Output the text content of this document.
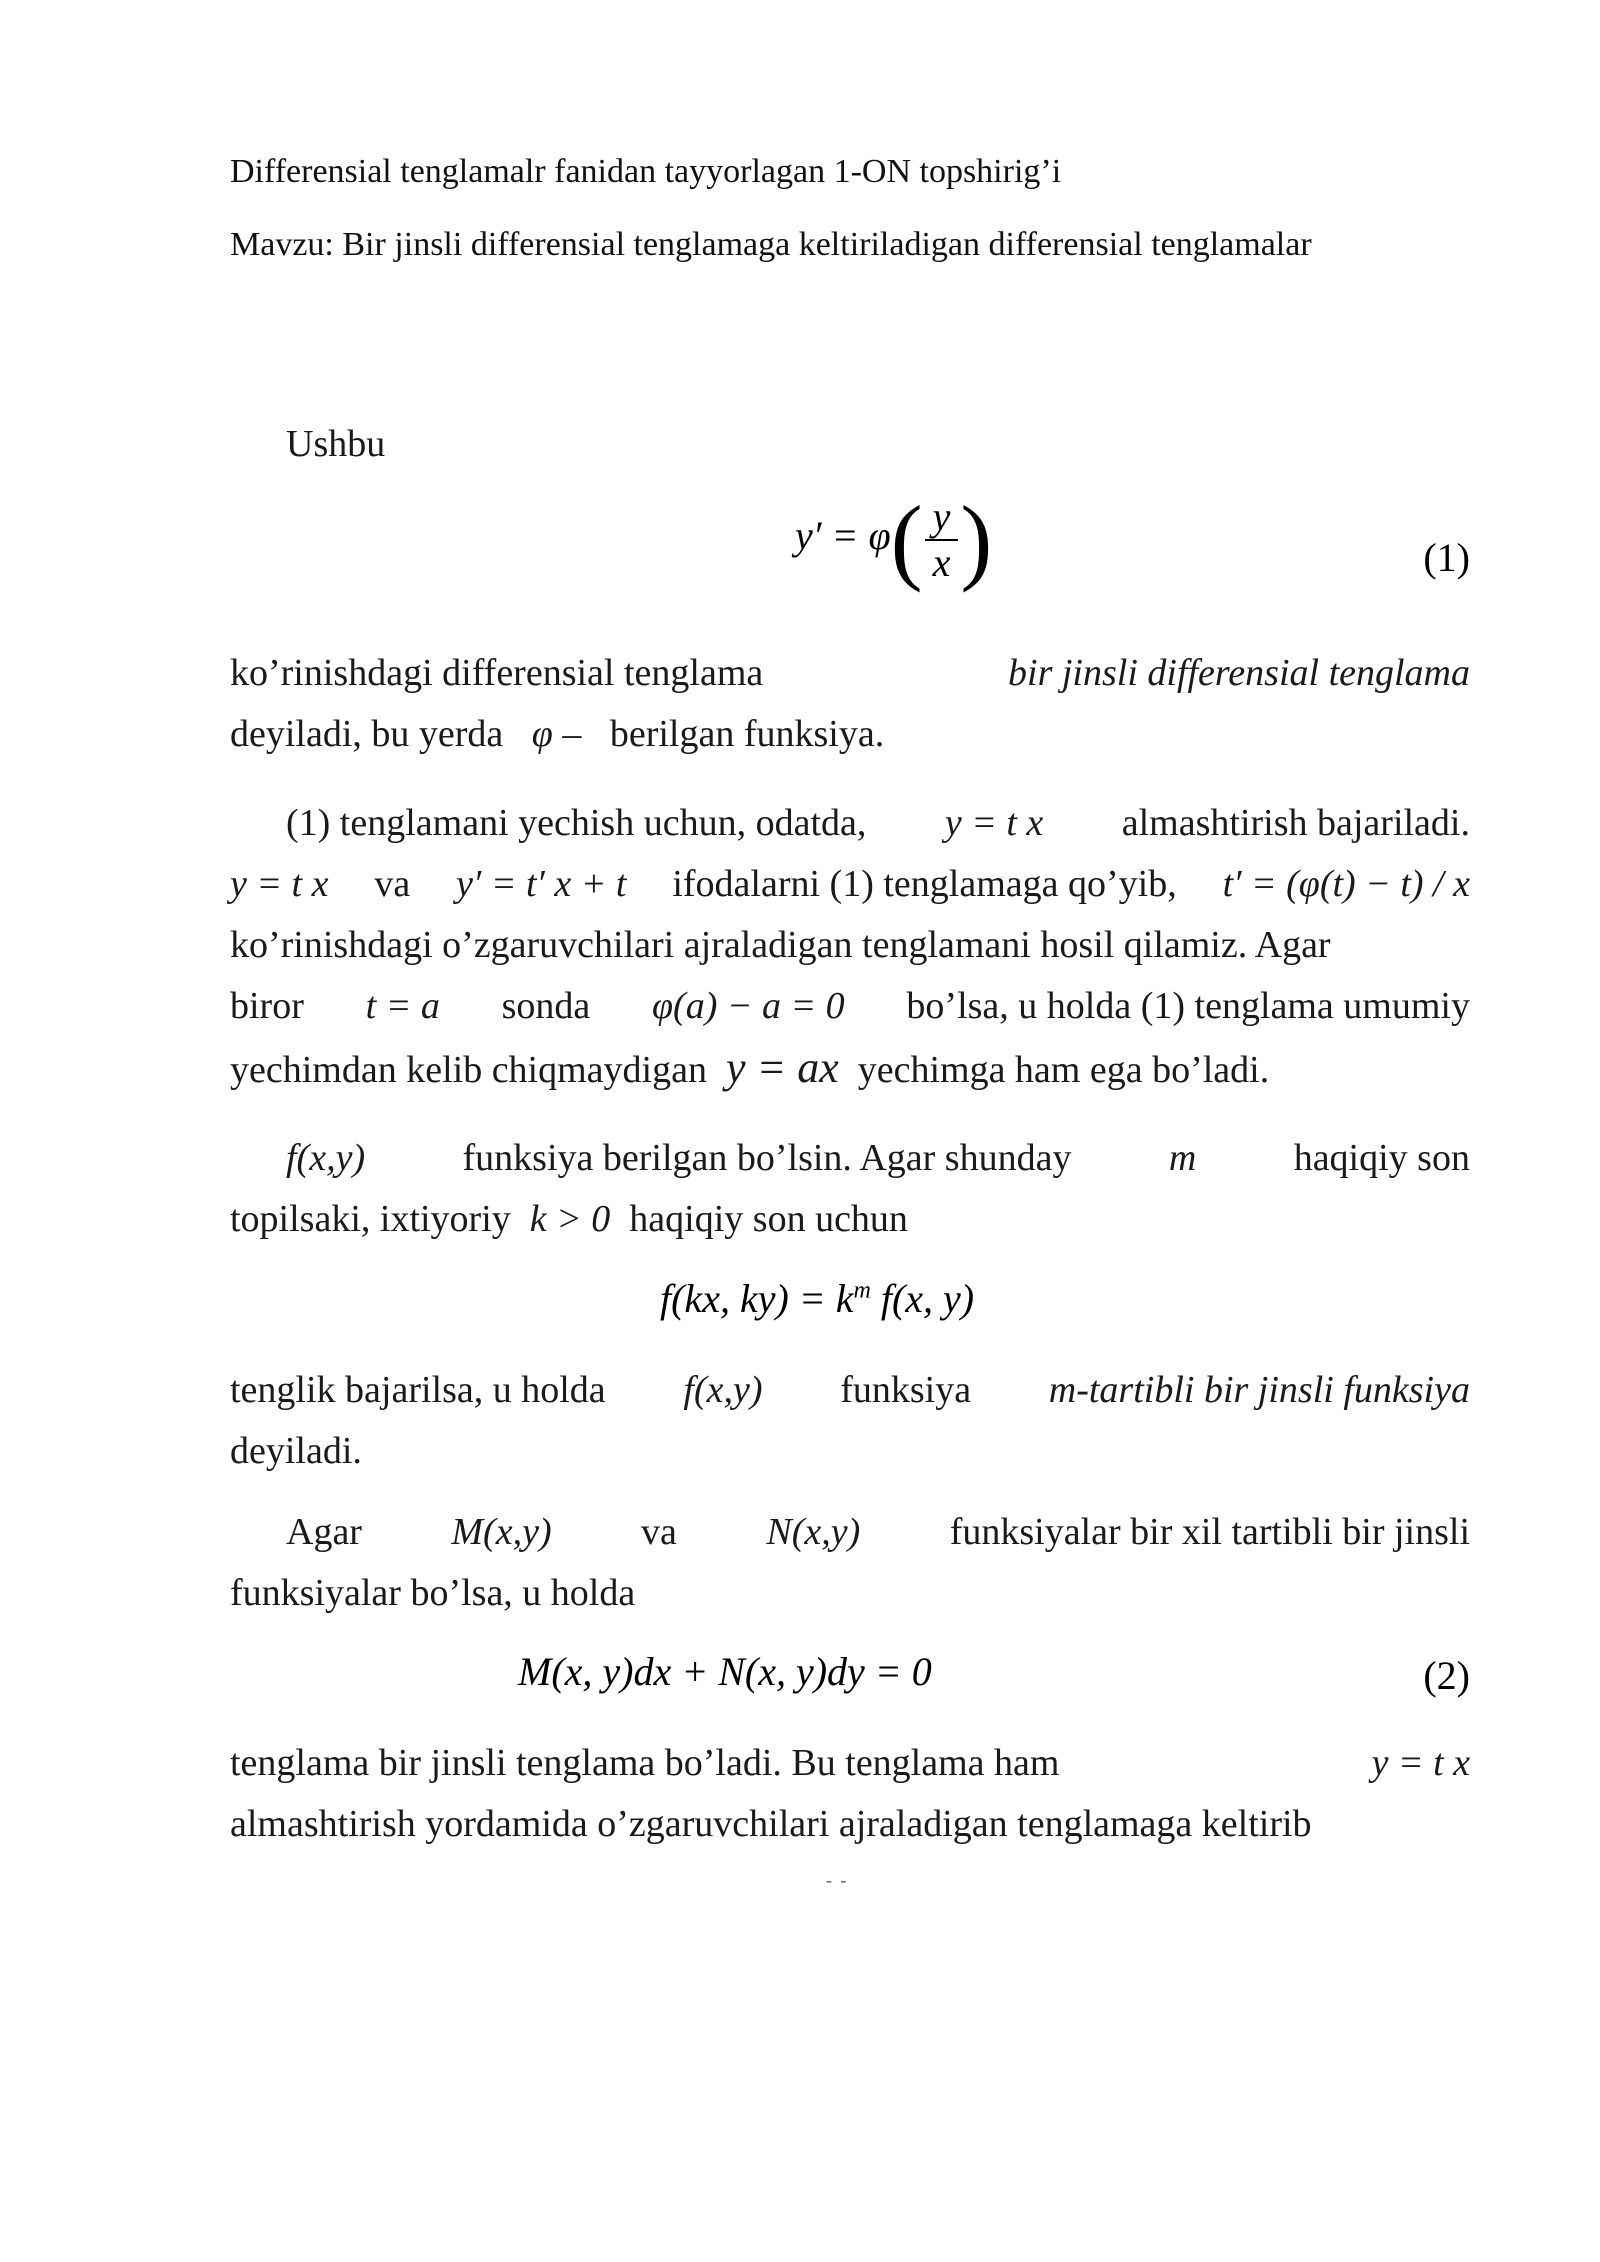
Differensial tenglamalr fanidan tayyorlagan 1-ON topshirig’i
Mavzu: Bir jinsli differensial tenglamaga keltiriladigan differensial tenglamalar
Ushbu
$y' = \varphi( \frac{y}{x}$ )	(1)
ko’rinishdagi differensial tenglama	bir jinsli differensial tenglama
deyiladi, bu yerda φ – berilgan funksiya.
(1) tenglamani yechish uchun, odatda, y = t x almashtirish bajariladi.
y = t x va y′ = t′ x + t ifodalarni (1) tenglamaga qo’yib, t′ = (φ(t) − t) / x
ko’rinishdagi o’zgaruvchilari ajraladigan tenglamani hosil qilamiz. Agar
biror t = a sonda φ(a) − a = 0 bo’lsa, u holda (1) tenglama umumiy
yechimdan kelib chiqmaydigan y = ax yechimga ham ega bo’ladi.
f(x,y)	funksiya berilgan bo’lsin. Agar shunday	m	haqiqiy son
topilsaki, ixtiyoriy k > 0 haqiqiy son uchun
f(kx, $ky) = k^m$ f(x, y)
tenglik bajarilsa, u holda f(x,y) funksiya m-tartibli bir jinsli funksiya
deyiladi.
Agar M(x,y) va N(x,y) funksiyalar bir xil tartibli bir jinsli
funksiyalar bo’lsa, u holda
M(x, y)dx + N(x, y)dy = 0	(2)
tenglama bir jinsli tenglama bo’ladi. Bu tenglama ham	y = t x
almashtirish yordamida o’zgaruvchilari ajraladigan tenglamaga keltirib
- -
